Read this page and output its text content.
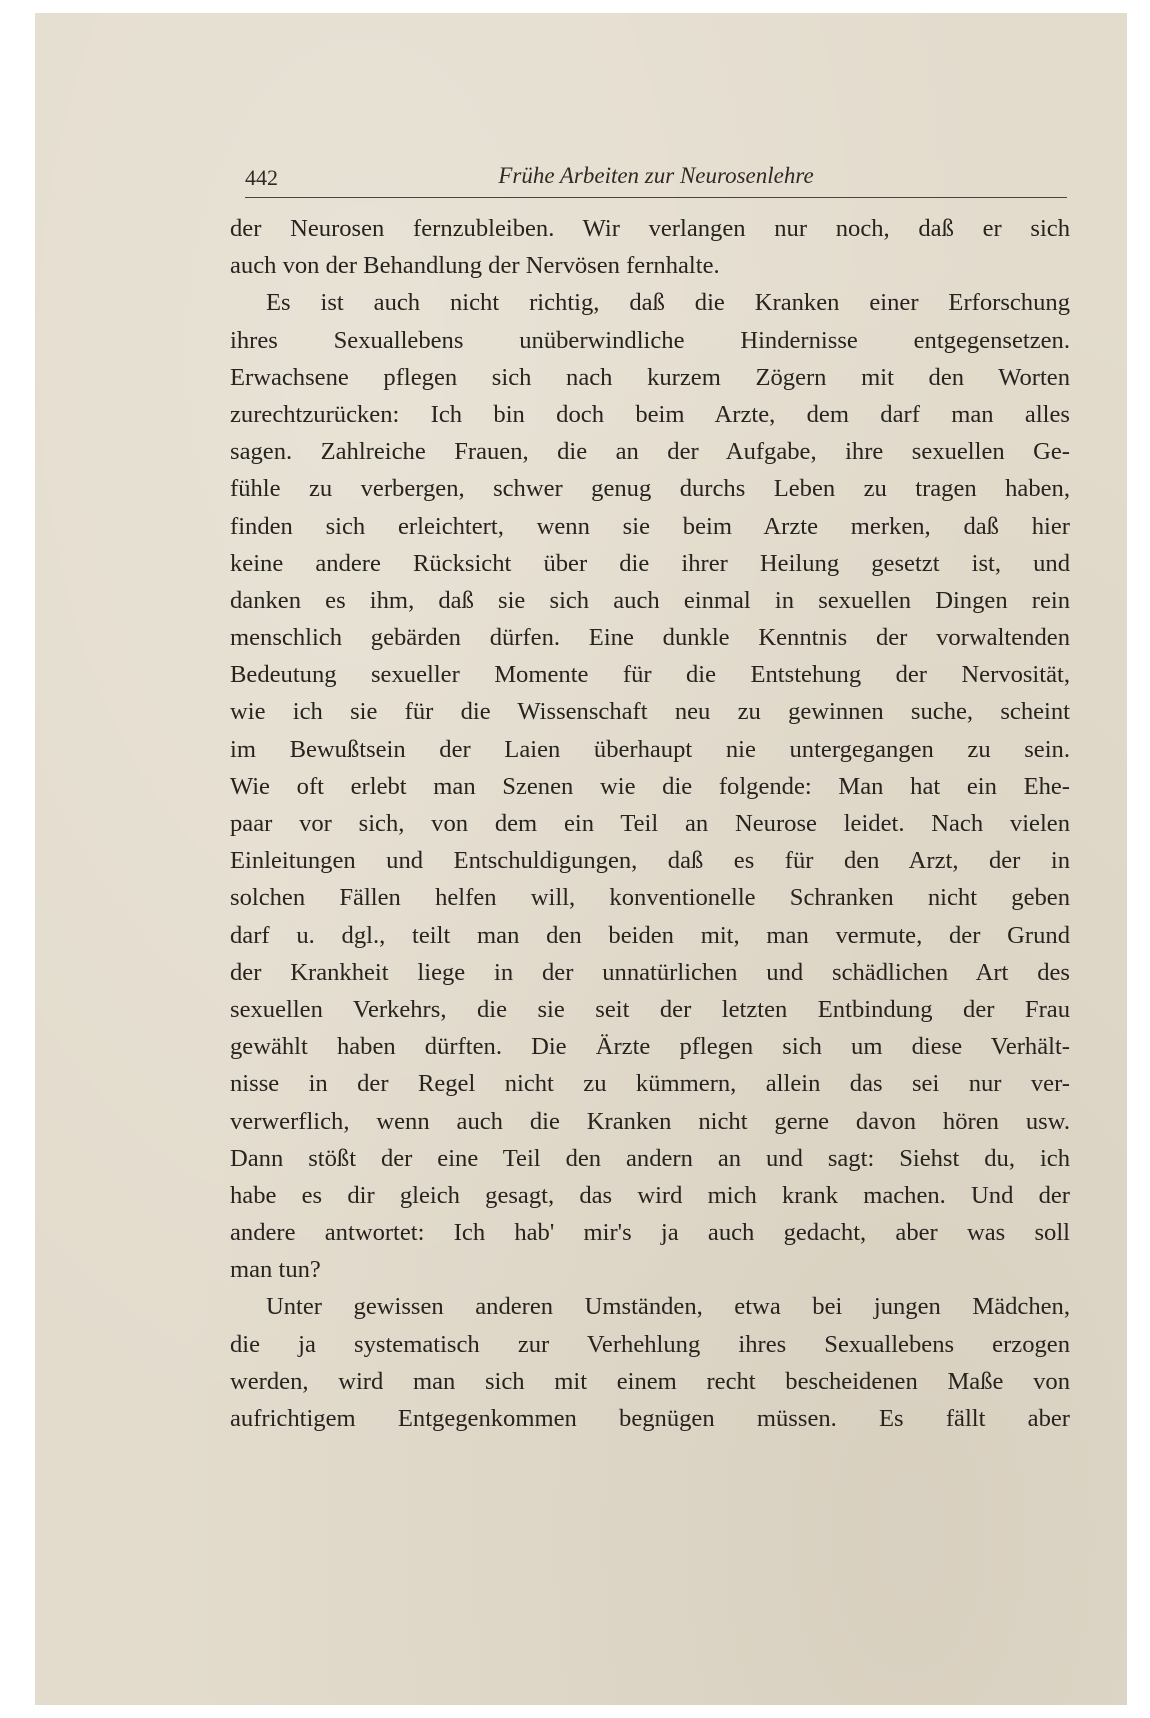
442	Frühe Arbeiten zur Neurosenlehre
der Neurosen fernzubleiben. Wir verlangen nur noch, daß er sich
auch von der Behandlung der Nervösen fernhalte.
Es ist auch nicht richtig, daß die Kranken einer Erforschung
ihres Sexuallebens unüberwindliche Hindernisse entgegensetzen.
Erwachsene pflegen sich nach kurzem Zögern mit den Worten
zurechtzurücken: Ich bin doch beim Arzte, dem darf man alles
sagen. Zahlreiche Frauen, die an der Aufgabe, ihre sexuellen Ge-
fühle zu verbergen, schwer genug durchs Leben zu tragen haben,
finden sich erleichtert, wenn sie beim Arzte merken, daß hier
keine andere Rücksicht über die ihrer Heilung gesetzt ist, und
danken es ihm, daß sie sich auch einmal in sexuellen Dingen rein
menschlich gebärden dürfen. Eine dunkle Kenntnis der vorwaltenden
Bedeutung sexueller Momente für die Entstehung der Nervosität,
wie ich sie für die Wissenschaft neu zu gewinnen suche, scheint
im Bewußtsein der Laien überhaupt nie untergegangen zu sein.
Wie oft erlebt man Szenen wie die folgende: Man hat ein Ehe-
paar vor sich, von dem ein Teil an Neurose leidet. Nach vielen
Einleitungen und Entschuldigungen, daß es für den Arzt, der in
solchen Fällen helfen will, konventionelle Schranken nicht geben
darf u. dgl., teilt man den beiden mit, man vermute, der Grund
der Krankheit liege in der unnatürlichen und schädlichen Art des
sexuellen Verkehrs, die sie seit der letzten Entbindung der Frau
gewählt haben dürften. Die Ärzte pflegen sich um diese Verhält-
nisse in der Regel nicht zu kümmern, allein das sei nur ver-
verwerflich, wenn auch die Kranken nicht gerne davon hören usw.
Dann stößt der eine Teil den andern an und sagt: Siehst du, ich
habe es dir gleich gesagt, das wird mich krank machen. Und der
andere antwortet: Ich hab' mir's ja auch gedacht, aber was soll
man tun?
Unter gewissen anderen Umständen, etwa bei jungen Mädchen,
die ja systematisch zur Verhehlung ihres Sexuallebens erzogen
werden, wird man sich mit einem recht bescheidenen Maße von
aufrichtigem Entgegenkommen begnügen müssen. Es fällt aber
